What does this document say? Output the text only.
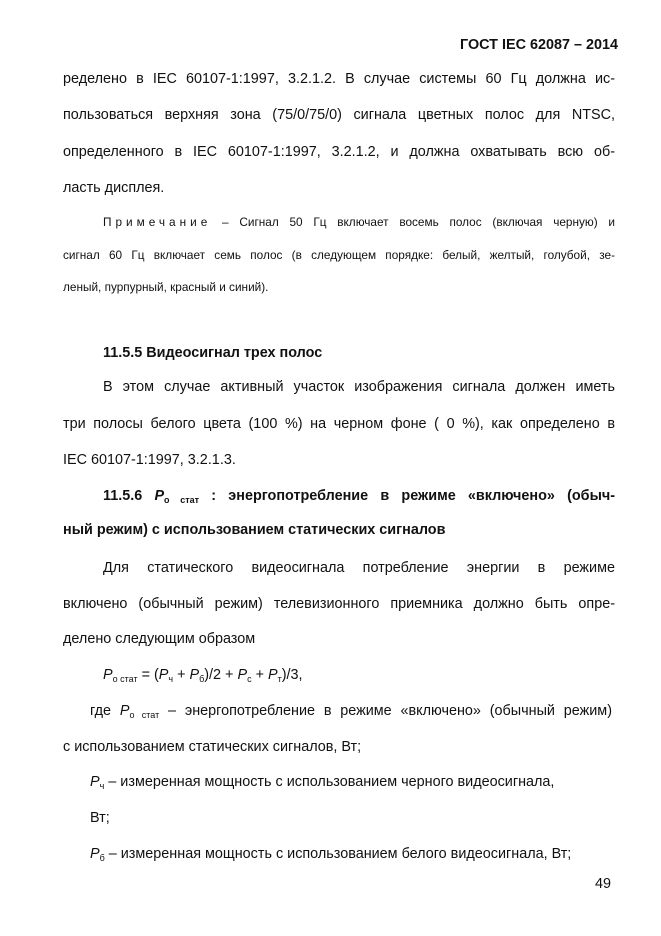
ГОСТ IEC 62087 – 2014
ределено в IEC 60107-1:1997, 3.2.1.2. В случае системы 60 Гц должна ис-
пользоваться верхняя зона (75/0/75/0) сигнала цветных полос для NTSC,
определенного в IEC 60107-1:1997, 3.2.1.2, и должна охватывать всю об-
ласть дисплея.
Примечание – Сигнал 50 Гц включает восемь полос (включая черную) и
сигнал 60 Гц включает семь полос (в следующем порядке: белый, желтый, голубой, зе-
леный, пурпурный, красный и синий).
11.5.5 Видеосигнал трех полос
В этом случае активный участок изображения сигнала должен иметь
три полосы белого цвета (100 %) на черном фоне ( 0 %), как определено в
IEC 60107-1:1997, 3.2.1.3.
11.5.6 $P_{о стат}$ : энергопотребление в режиме «включено» (обыч-
ный режим) с использованием статических сигналов
Для статического видеосигнала потребление энергии в режиме
включено (обычный режим) телевизионного приемника должно быть опре-
делено следующим образом
$P_{о стат} = (P_ч + P_б)/2 + P_с + P_т)/3$,
где $P_{о стат}$ – энергопотребление в режиме «включено» (обычный режим)
с использованием статических сигналов, Вт;
$P_ч$ – измеренная мощность с использованием черного видеосигнала,
Вт;
$P_б$ – измеренная мощность с использованием белого видеосигнала, Вт;
49
